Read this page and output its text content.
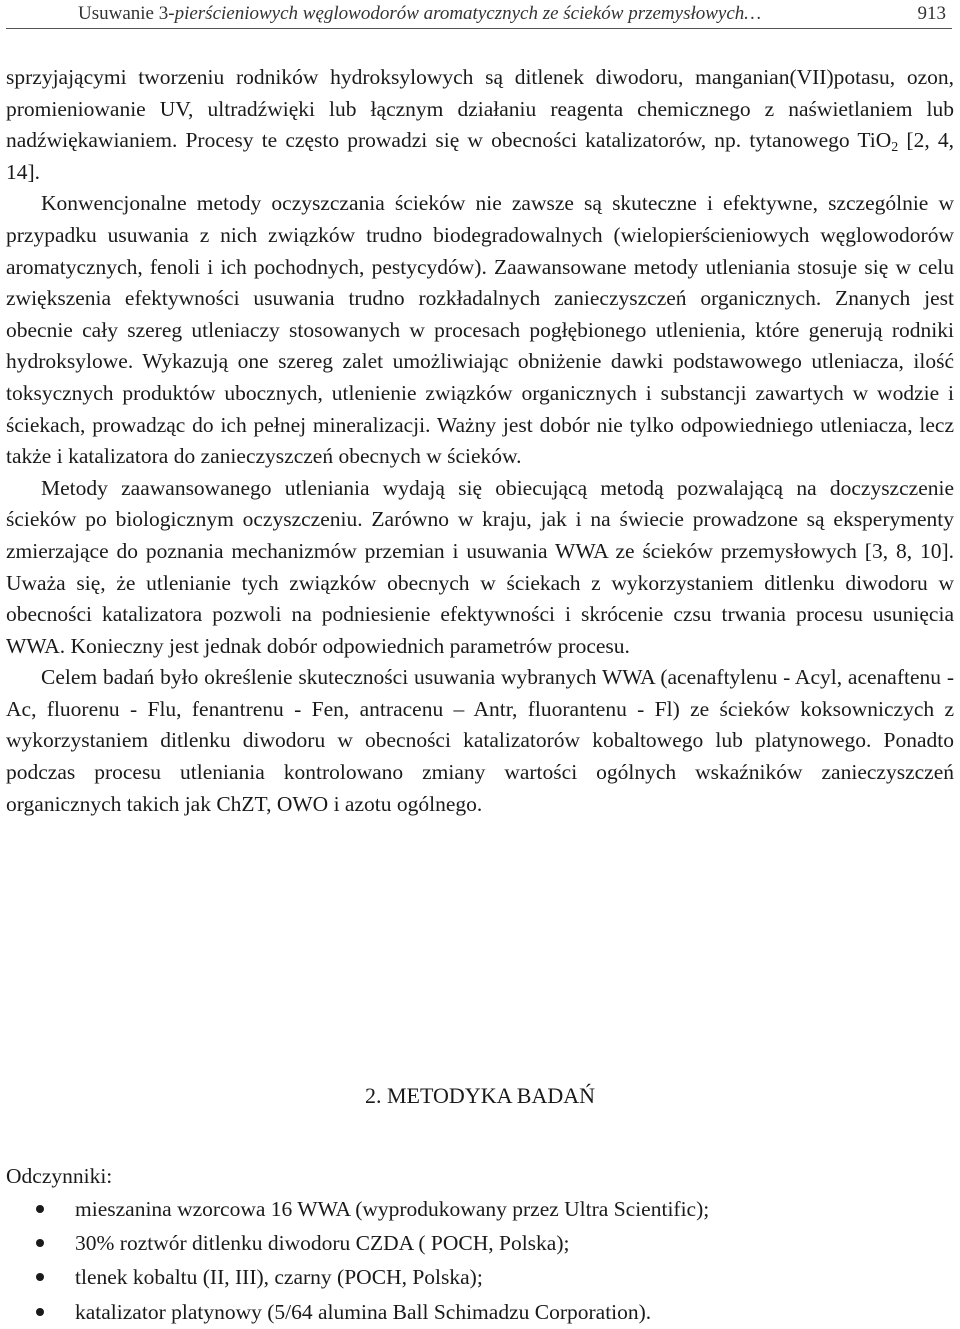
Usuwanie 3-pierścieniowych węglowodorów aromatycznych ze ścieków przemysłowych…	913

sprzyjającymi tworzeniu rodników hydroksylowych są ditlenek diwodoru, manganian(VII)potasu, ozon, promieniowanie UV, ultradźwięki lub łącznym działaniu reagenta chemicznego z naświetlaniem lub nadźwiękawianiem. Procesy te często prowadzi się w obecności katalizatorów, np. tytanowego TiO$_2$ [2, 4, 14].

Konwencjonalne metody oczyszczania ścieków nie zawsze są skuteczne i efektywne, szczególnie w przypadku usuwania z nich związków trudno biodegradowalnych (wielopierścieniowych węglowodorów aromatycznych, fenoli i ich pochodnych, pestycydów). Zaawansowane metody utleniania stosuje się w celu zwiększenia efektywności usuwania trudno rozkładalnych zanieczyszczeń organicznych. Znanych jest obecnie cały szereg utleniaczy stosowanych w procesach pogłębionego utlenienia, które generują rodniki hydroksylowe. Wykazują one szereg zalet umożliwiając obniżenie dawki podstawowego utleniacza, ilość toksycznych produktów ubocznych, utlenienie związków organicznych i substancji zawartych w wodzie i ściekach, prowadząc do ich pełnej mineralizacji. Ważny jest dobór nie tylko odpowiedniego utleniacza, lecz także i katalizatora do zanieczyszczeń obecnych w ścieków.

Metody zaawansowanego utleniania wydają się obiecującą metodą pozwalającą na doczyszczenie ścieków po biologicznym oczyszczeniu. Zarówno w kraju, jak i na świecie prowadzone są eksperymenty zmierzające do poznania mechanizmów przemian i usuwania WWA ze ścieków przemysłowych [3, 8, 10]. Uważa się, że utlenianie tych związków obecnych w ściekach z wykorzystaniem ditlenku diwodoru w obecności katalizatora pozwoli na podniesienie efektywności i skrócenie czsu trwania procesu usunięcia WWA. Konieczny jest jednak dobór odpowiednich parametrów procesu.

Celem badań było określenie skuteczności usuwania wybranych WWA (acenaftylenu - Acyl, acenaftenu - Ac, fluorenu - Flu, fenantrenu - Fen, antracenu – Antr, fluorantenu - Fl) ze ścieków koksowniczych z wykorzystaniem ditlenku diwodoru w obecności katalizatorów kobaltowego lub platynowego. Ponadto podczas procesu utleniania kontrolowano zmiany wartości ogólnych wskaźników zanieczyszczeń organicznych takich jak ChZT, OWO i azotu ogólnego.

2. METODYKA BADAŃ
Odczynniki:
mieszanina wzorcowa 16 WWA (wyprodukowany przez Ultra Scientific);
30% roztwór ditlenku diwodoru CZDA ( POCH, Polska);
tlenek kobaltu (II, III), czarny (POCH, Polska);
katalizator platynowy (5/64 alumina Ball Schimadzu Corporation).
